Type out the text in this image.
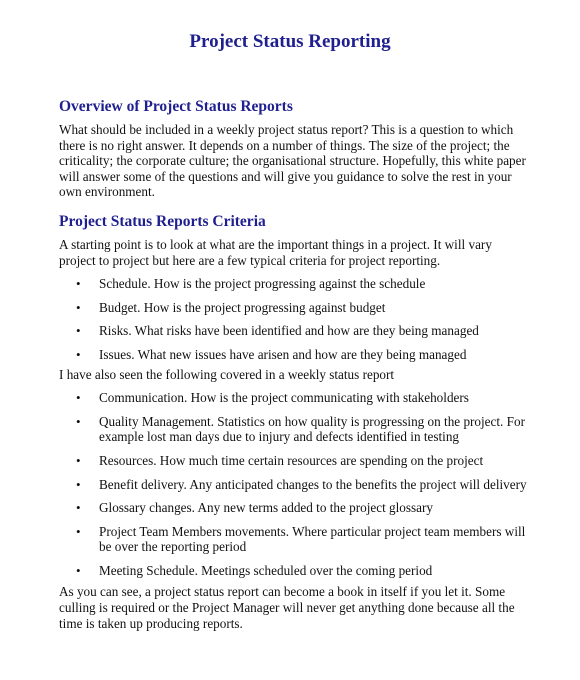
Project Status Reporting
Overview of Project Status Reports

What should be included in a weekly project status report? This is a question to which there is no right answer. It depends on a number of things. The size of the project; the criticality; the corporate culture; the organisational structure. Hopefully, this white paper will answer some of the questions and will give you guidance to solve the rest in your own environment.

Project Status Reports Criteria

A starting point is to look at what are the important things in a project. It will vary project to project but here are a few typical criteria for project reporting.

•	Schedule. How is the project progressing against the schedule
•	Budget. How is the project progressing against budget
•	Risks. What risks have been identified and how are they being managed
•	Issues. What new issues have arisen and how are they being managed

I have also seen the following covered in a weekly status report

•	Communication. How is the project communicating with stakeholders
•	Quality Management. Statistics on how quality is progressing on the project. For example lost man days due to injury and defects identified in testing
•	Resources. How much time certain resources are spending on the project
•	Benefit delivery. Any anticipated changes to the benefits the project will delivery
•	Glossary changes. Any new terms added to the project glossary
•	Project Team Members movements. Where particular project team members will be over the reporting period
•	Meeting Schedule. Meetings scheduled over the coming period

As you can see, a project status report can become a book in itself if you let it. Some culling is required or the Project Manager will never get anything done because all the time is taken up producing reports.
